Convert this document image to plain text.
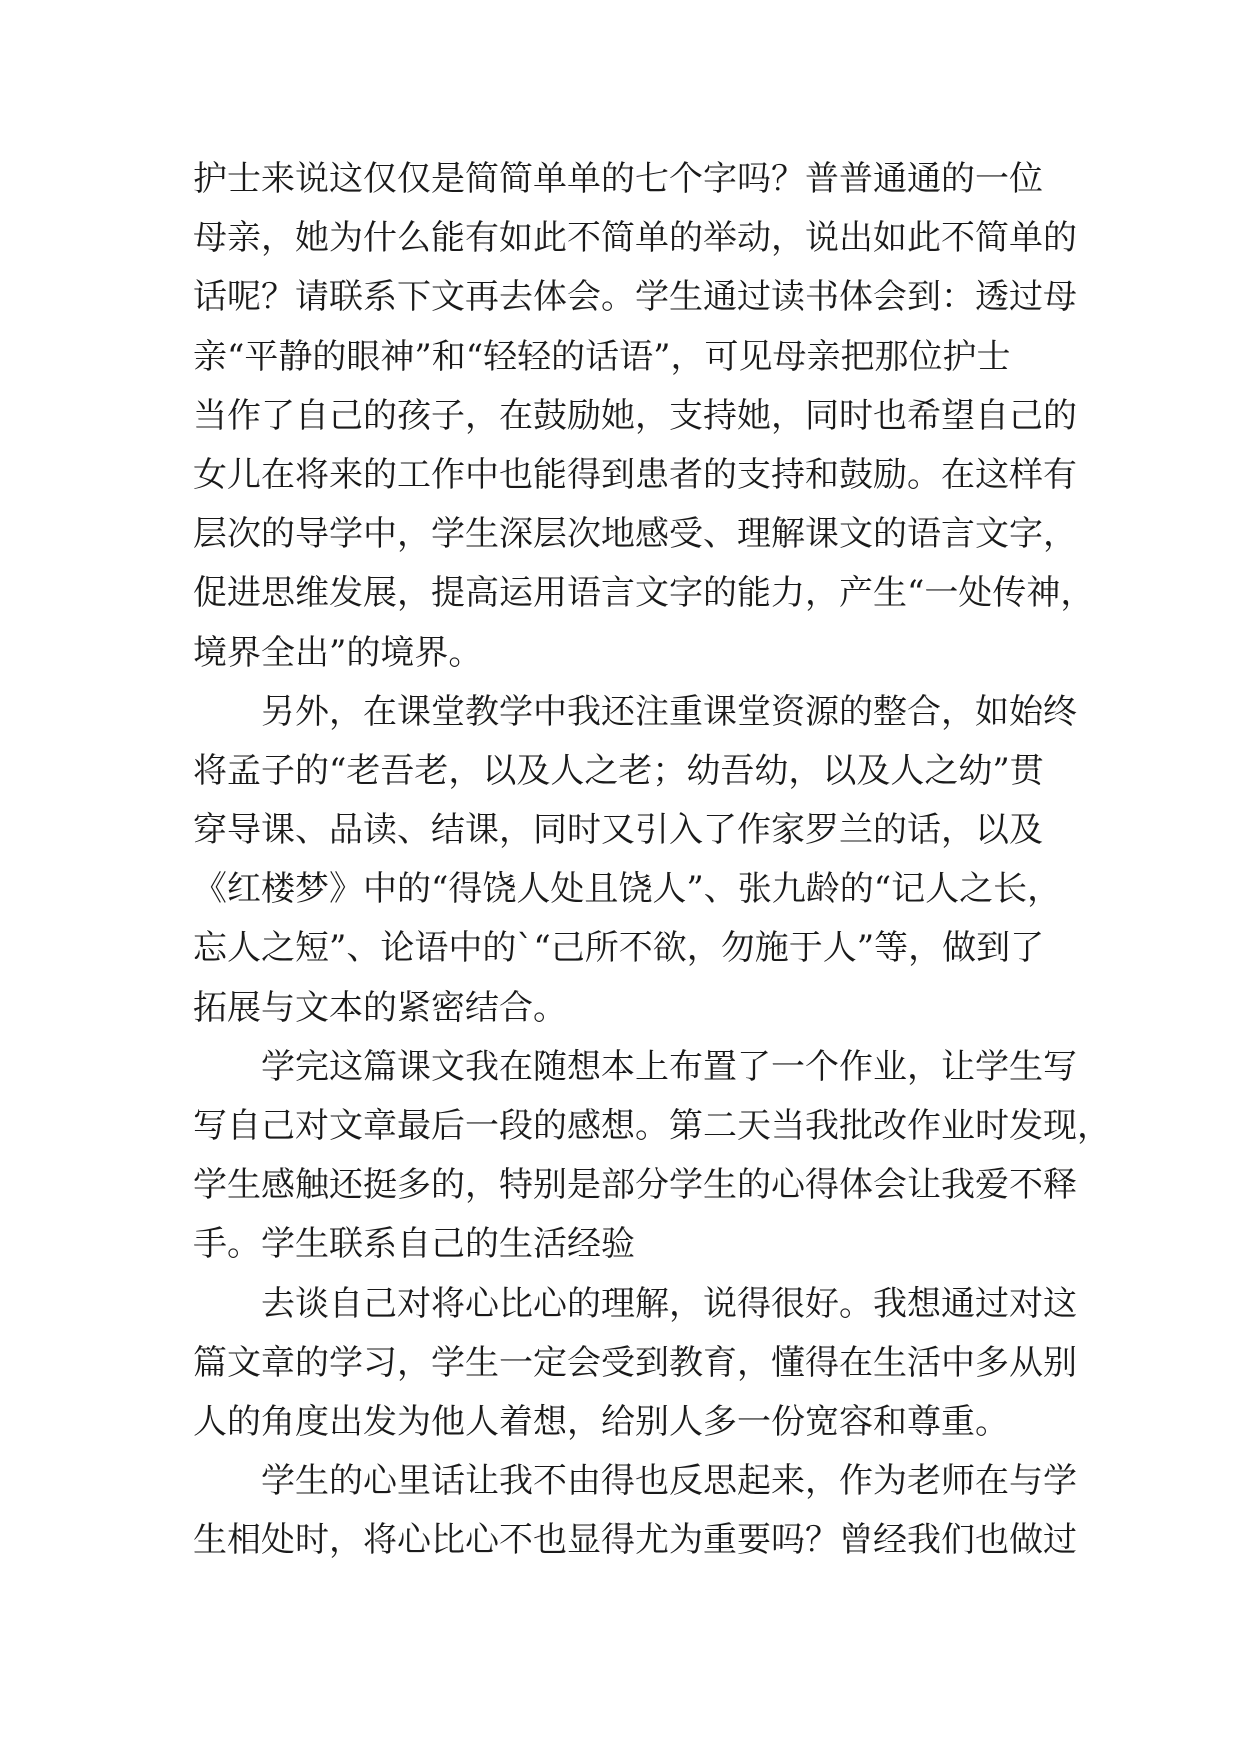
护士来说这仅仅是简简单单的七个字吗？普普通通的一位
母亲，她为什么能有如此不简单的举动，说出如此不简单的
话呢？请联系下文再去体会。学生通过读书体会到：透过母
亲“平静的眼神”和“轻轻的话语”，可见母亲把那位护士
当作了自己的孩子，在鼓励她，支持她，同时也希望自己的
女儿在将来的工作中也能得到患者的支持和鼓励。在这样有
层次的导学中，学生深层次地感受、理解课文的语言文字，
促进思维发展，提高运用语言文字的能力，产生“一处传神，
境界全出”的境界。
另外，在课堂教学中我还注重课堂资源的整合，如始终
将孟子的“老吾老，以及人之老；幼吾幼，以及人之幼”贯
穿导课、品读、结课，同时又引入了作家罗兰的话，以及
《红楼梦》中的“得饶人处且饶人”、张九龄的“记人之长，
忘人之短”、论语中的`“己所不欲，勿施于人”等，做到了
拓展与文本的紧密结合。
学完这篇课文我在随想本上布置了一个作业，让学生写
写自己对文章最后一段的感想。第二天当我批改作业时发现，
学生感触还挺多的，特别是部分学生的心得体会让我爱不释
手。学生联系自己的生活经验
去谈自己对将心比心的理解，说得很好。我想通过对这
篇文章的学习，学生一定会受到教育，懂得在生活中多从别
人的角度出发为他人着想，给别人多一份宽容和尊重。
学生的心里话让我不由得也反思起来，作为老师在与学
生相处时，将心比心不也显得尤为重要吗？曾经我们也做过
